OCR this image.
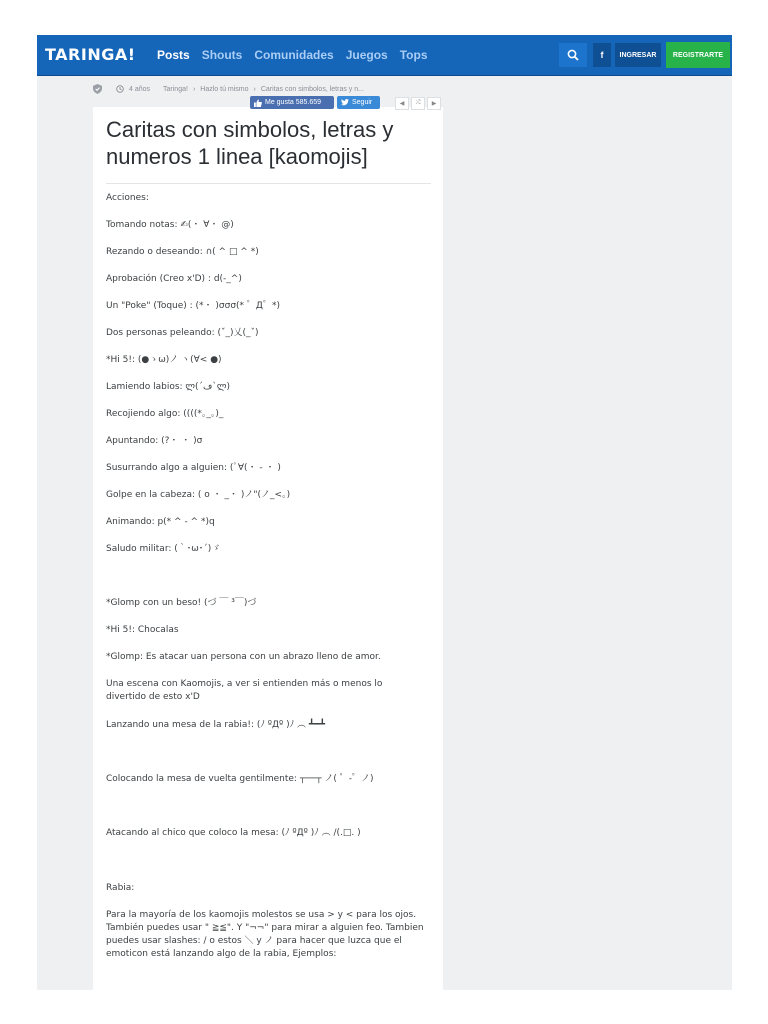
TARINGA! Posts Shouts Comunidades Juegos Tops	f	INGRESAR	REGISTRARTE
4 años Taringa! › Hazlo tú mismo › Caritas con simbolos, letras y n...
Caritas con simbolos, letras y numeros 1 linea [kaomojis]

Acciones:

Tomando notas: ✍(・ ∀・ @)

Rezando o deseando: ∩( ^ □ ^ *)

Aprobación (Creo x'D) : d(-_^)

Un "Poke" (Toque) : (*・ )σσσ(* ゜Д゜*)

Dos personas peleando: (ˇ_)乂(_ˇ)

*Hi 5!: (●ゝω)ノ ヽ(∀< ●)

Lamiendo labios: ლ(´ڡ`ლ)

Recojiendo algo: ((((*｡_｡)_

Apuntando: (?・ ・ )σ

Susurrando algo a alguien: (ﾟ∀(・ - ・ )

Golpe en la cabeza: ( o ・ _・ )ノ"(ノ_<。)

Animando: p(* ^ - ^ *)q

Saludo militar: (｀･ω･´)ゞ

*Glomp con un beso! (づ ￣ ³￣)づ

*Hi 5!: Chocalas

*Glomp: Es atacar uan persona con un abrazo lleno de amor.

Una escena con Kaomojis, a ver si entienden más o menos lo divertido de esto x'D

Lanzando una mesa de la rabia!: (ﾉ ºДº )ﾉ ︵ ┻━┻

Colocando la mesa de vuelta gentilmente: ┬──┬ ノ( ゜-゜ノ)

Atacando al chico que coloco la mesa: (ﾉ ºДº )ﾉ ︵ /(.□. )

Rabia:

Para la mayoría de los kaomojis molestos se usa > y < para los ojos. También puedes usar " ≧≦". Y "¬¬" para mirar a alguien feo. Tambien puedes usar slashes: / o estos ＼ y ノ para hacer que luzca que el emoticon está lanzando algo de la rabia, Ejemplos:

Me gusta 585.659	Seguir	◀	⤮	▶
